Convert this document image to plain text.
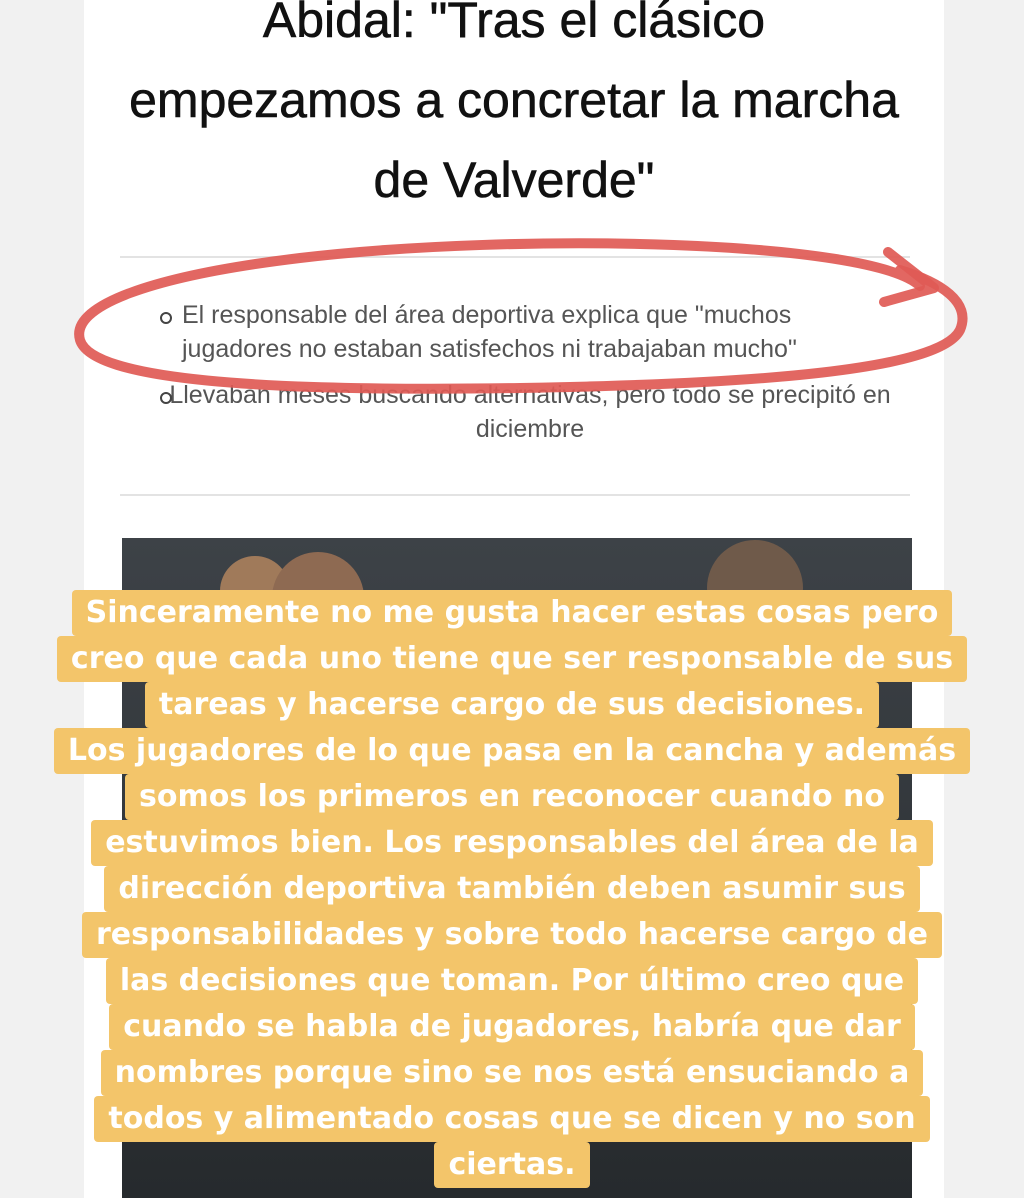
Abidal: "Tras el clásico empezamos a concretar la marcha de Valverde"
El responsable del área deportiva explica que "muchos jugadores no estaban satisfechos ni trabajaban mucho"
Llevaban meses buscando alternativas, pero todo se precipitó en diciembre
Sinceramente no me gusta hacer estas cosas pero
creo que cada uno tiene que ser responsable de sus
tareas y hacerse cargo de sus decisiones.
Los jugadores de lo que pasa en la cancha y además
somos los primeros en reconocer cuando no
estuvimos bien. Los responsables del área de la
dirección deportiva también deben asumir sus
responsabilidades y sobre todo hacerse cargo de
las decisiones que toman. Por último creo que
cuando se habla de jugadores, habría que dar
nombres porque sino se nos está ensuciando a
todos y alimentado cosas que se dicen y no son
ciertas.
